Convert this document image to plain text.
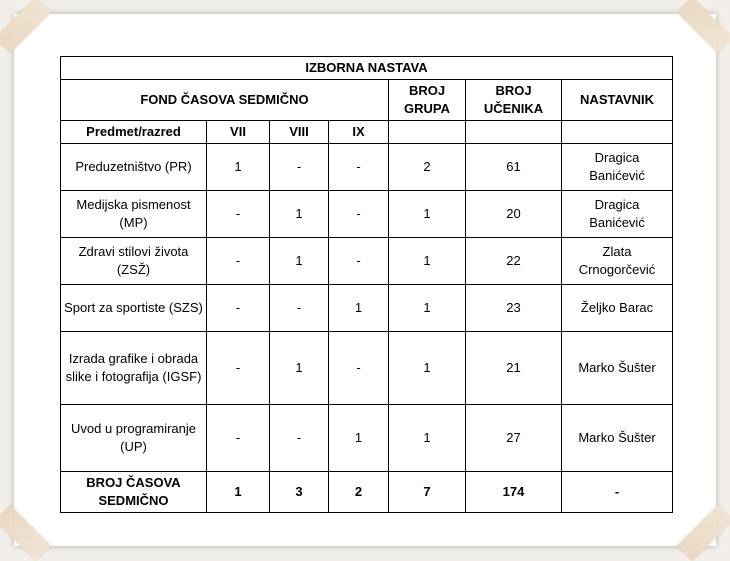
IZBORNA NASTAVA						
FOND ČASOVA SEDMIČNO				BROJ GRUPA	BROJ UČENIKA	NASTAVNIK
Predmet/razred	VII	VIII	IX			
Preduzetništvo (PR)	1	-	-	2	61	Dragica Banićević
Medijska pismenost (MP)	-	1	-	1	20	Dragica Banićević
Zdravi stilovi života (ZSŽ)	-	1	-	1	22	Zlata Crnogorčević
Sport za sportiste (SZS)	-	-	1	1	23	Željko Barac
Izrada grafike i obrada slike i fotografija (IGSF)	-	1	-	1	21	Marko Šušter
Uvod u programiranje (UP)	-	-	1	1	27	Marko Šušter
BROJ ČASOVA SEDMIČNO	1	3	2	7	174	-
